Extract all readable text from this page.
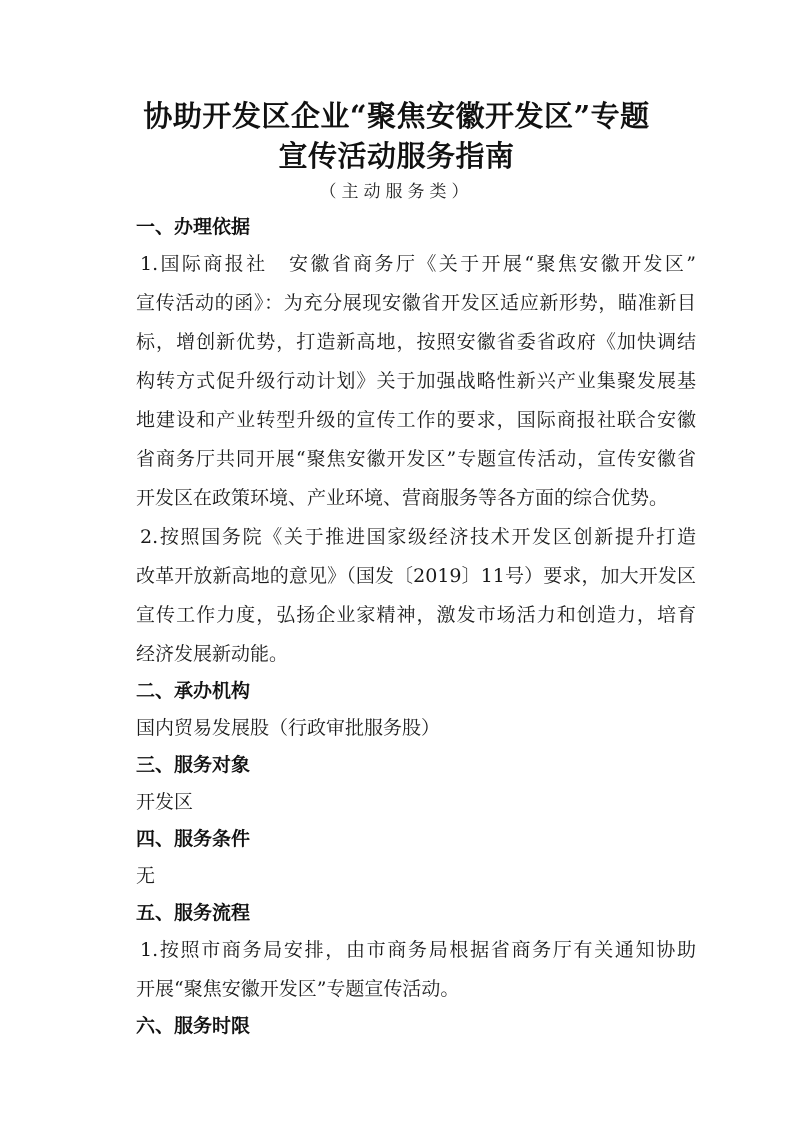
协助开发区企业“聚焦安徽开发区”专题
宣传活动服务指南
（主动服务类）
一、办理依据
1.国际商报社　安徽省商务厅《关于开展“聚焦安徽开发区”
宣传活动的函》：为充分展现安徽省开发区适应新形势，瞄准新目
标，增创新优势，打造新高地，按照安徽省委省政府《加快调结
构转方式促升级行动计划》关于加强战略性新兴产业集聚发展基
地建设和产业转型升级的宣传工作的要求，国际商报社联合安徽
省商务厅共同开展“聚焦安徽开发区”专题宣传活动，宣传安徽省
开发区在政策环境、产业环境、营商服务等各方面的综合优势。
2.按照国务院《关于推进国家级经济技术开发区创新提升打造
改革开放新高地的意见》（国发〔2019〕11号）要求，加大开发区
宣传工作力度，弘扬企业家精神，激发市场活力和创造力，培育
经济发展新动能。
二、承办机构
国内贸易发展股（行政审批服务股）
三、服务对象
开发区
四、服务条件
无
五、服务流程
1.按照市商务局安排，由市商务局根据省商务厅有关通知协助
开展“聚焦安徽开发区”专题宣传活动。
六、服务时限
